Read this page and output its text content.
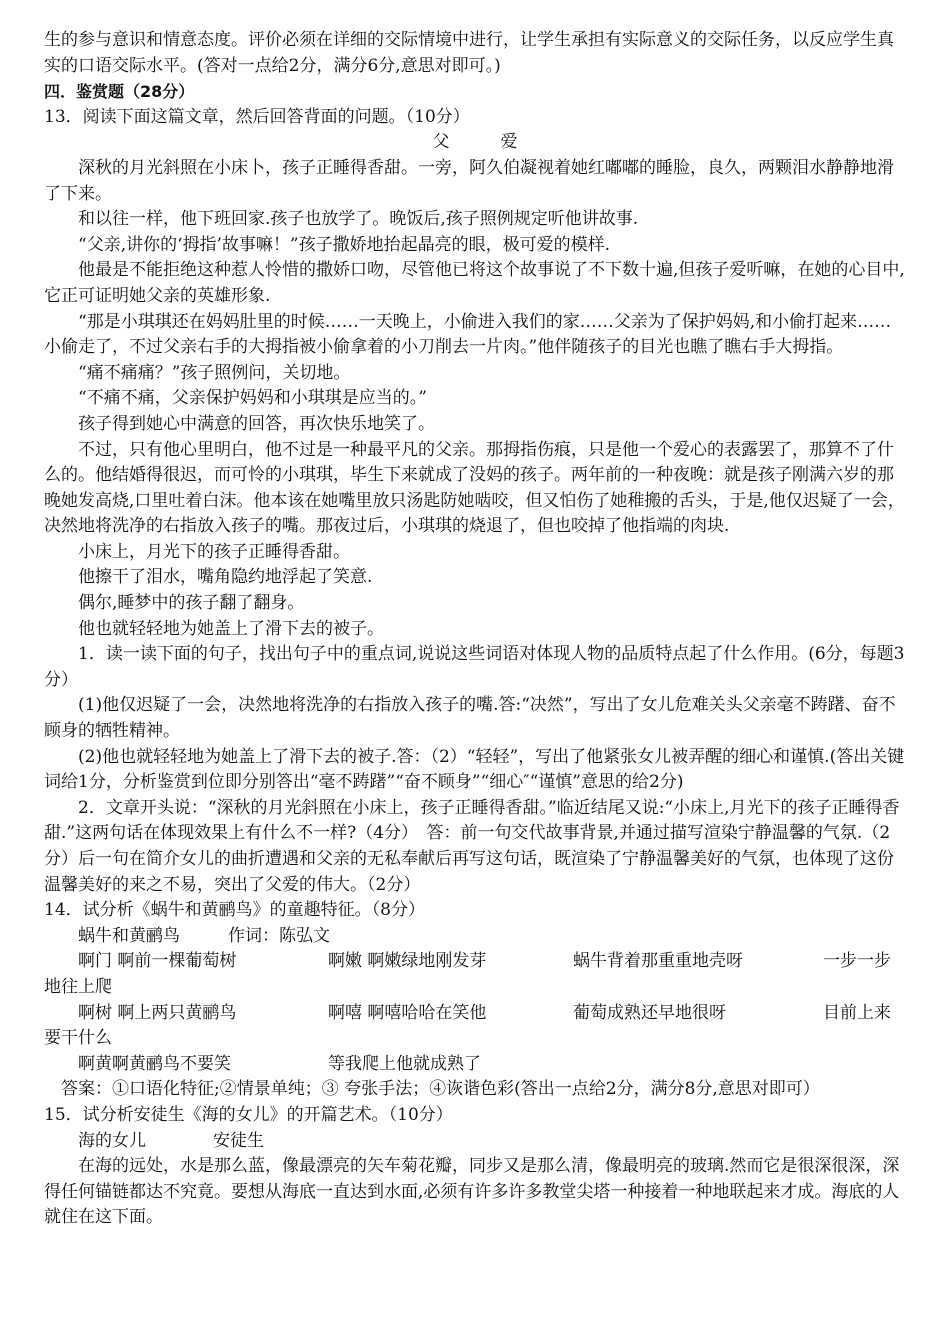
生的参与意识和情意态度。评价必须在详细的交际情境中进行，让学生承担有实际意义的交际任务，以反应学生真实的口语交际水平。(答对一点给2分，满分6分,意思对即可。)

四．鉴赏题（28分）

13．阅读下面这篇文章，然后回答背面的问题。（10分）

父爱

深秋的月光斜照在小床卜，孩子正睡得香甜。一旁，阿久伯凝视着她红嘟嘟的睡脸，良久，两颗泪水静静地滑了下来。

和以往一样，他下班回家.孩子也放学了。晚饭后,孩子照例规定听他讲故事.

“父亲,讲你的‘拇指’故事嘛！”孩子撒娇地抬起晶亮的眼，极可爱的模样.

他最是不能拒绝这种惹人怜惜的撒娇口吻，尽管他已将这个故事说了不下数十遍,但孩子爱听嘛，在她的心目中,它正可证明她父亲的英雄形象.

“那是小琪琪还在妈妈肚里的时候……一天晚上，小偷进入我们的家……父亲为了保护妈妈,和小偷打起来……小偷走了，不过父亲右手的大拇指被小偷拿着的小刀削去一片肉。”他伴随孩子的目光也瞧了瞧右手大拇指。

“痛不痛痛？”孩子照例问，关切地。

“不痛不痛，父亲保护妈妈和小琪琪是应当的。”

孩子得到她心中满意的回答，再次快乐地笑了。

不过，只有他心里明白，他不过是一种最平凡的父亲。那拇指伤痕，只是他一个爱心的表露罢了，那算不了什么的。他结婚得很迟，而可怜的小琪琪，毕生下来就成了没妈的孩子。两年前的一种夜晚：就是孩子刚满六岁的那晚她发高烧,口里吐着白沫。他本该在她嘴里放只汤匙防她啮咬，但又怕伤了她稚搬的舌头，于是,他仅迟疑了一会，决然地将洗净的右指放入孩子的嘴。那夜过后，小琪琪的烧退了，但也咬掉了他指端的肉块.

小床上，月光下的孩子正睡得香甜。

他擦干了泪水，嘴角隐约地浮起了笑意.

偶尔,睡梦中的孩子翻了翻身。

他也就轻轻地为她盖上了滑下去的被子。

1．读一读下面的句子，找出句子中的重点词,说说这些词语对体现人物的品质特点起了什么作用。(6分，每题3分）

(1)他仅迟疑了一会，决然地将洗净的右指放入孩子的嘴.答:“决然”，写出了女儿危难关头父亲毫不踌躇、奋不顾身的牺牲精神。

(2)他也就轻轻地为她盖上了滑下去的被子.答：（2）“轻轻”，写出了他紧张女儿被弄醒的细心和谨慎.(答出关键词给1分，分析鉴赏到位即分别答出“毫不踌躇”“奋不顾身”“细心″“谨慎”意思的给2分)

2．文章开头说：“深秋的月光斜照在小床上，孩子正睡得香甜。”临近结尾又说:“小床上,月光下的孩子正睡得香甜.”这两句话在体现效果上有什么不一样?（4分）　答：前一句交代故事背景,并通过描写渲染宁静温馨的气氛.（2分）后一句在简介女儿的曲折遭遇和父亲的无私奉献后再写这句话，既渲染了宁静温馨美好的气氛，也体现了这份温馨美好的来之不易，突出了父爱的伟大。（2分）

14．试分析《蜗牛和黄鹂鸟》的童趣特征。（8分）

蜗牛和黄鹂鸟	作词：陈弘文
啊门 啊前一棵葡萄树	啊嫩 啊嫩绿地刚发芽	蜗牛背着那重重地壳呀	一步一步

地往上爬

啊树 啊上两只黄鹂鸟	啊嘻 啊嘻哈哈在笑他	葡萄成熟还早地很呀	目前上来

要干什么

啊黄啊黄鹂鸟不要笑	等我爬上他就成熟了

答案：①口语化特征;②情景单纯；③ 夸张手法；④诙谐色彩(答出一点给2分，满分8分,意思对即可）

15．试分析安徒生《海的女儿》的开篇艺术。（10分）

海的女儿	安徒生

在海的远处，水是那么蓝，像最漂亮的矢车菊花瓣，同步又是那么清，像最明亮的玻璃.然而它是很深很深，深得任何锚链都达不究竟。要想从海底一直达到水面,必须有许多许多教堂尖塔一种接着一种地联起来才成。海底的人就住在这下面。
